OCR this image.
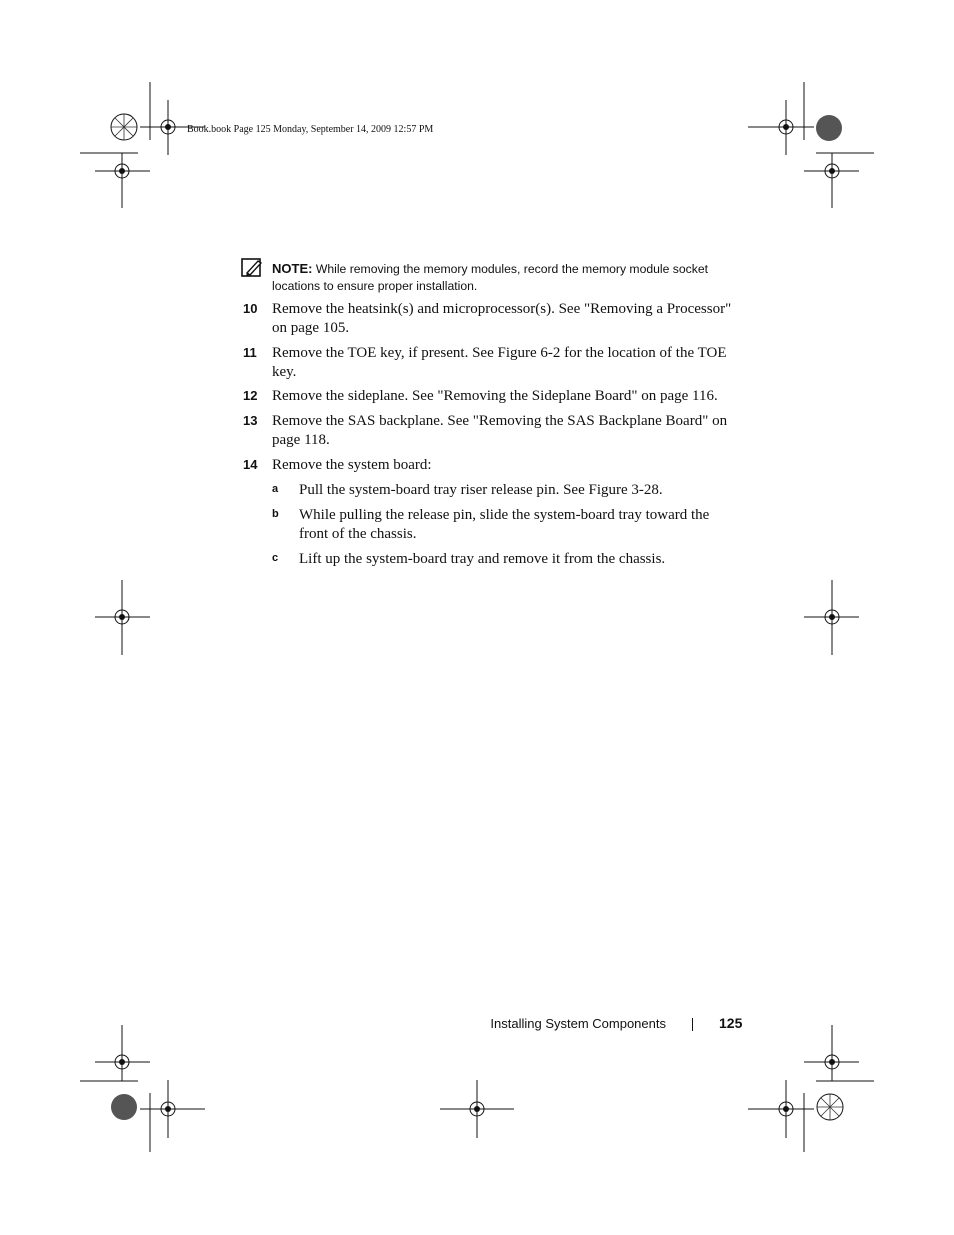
Book.book Page 125 Monday, September 14, 2009 12:57 PM
NOTE: While removing the memory modules, record the memory module socket locations to ensure proper installation.
10 Remove the heatsink(s) and microprocessor(s). See "Removing a Processor" on page 105.
11 Remove the TOE key, if present. See Figure 6-2 for the location of the TOE key.
12 Remove the sideplane. See "Removing the Sideplane Board" on page 116.
13 Remove the SAS backplane. See "Removing the SAS Backplane Board" on page 118.
14 Remove the system board:
a Pull the system-board tray riser release pin. See Figure 3-28.
b While pulling the release pin, slide the system-board tray toward the front of the chassis.
c Lift up the system-board tray and remove it from the chassis.
Installing System Components	125
